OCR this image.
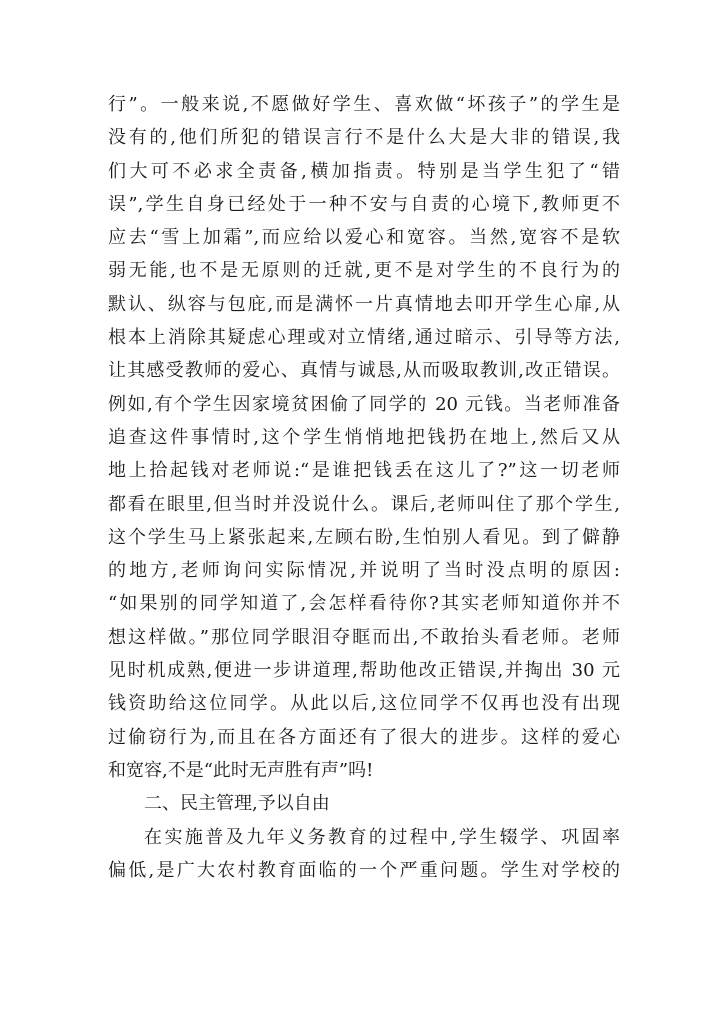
行”。一般来说,不愿做好学生、喜欢做“坏孩子”的学生是
没有的,他们所犯的错误言行不是什么大是大非的错误,我
们大可不必求全责备,横加指责。特别是当学生犯了“错
误”,学生自身已经处于一种不安与自责的心境下,教师更不
应去“雪上加霜”,而应给以爱心和宽容。当然,宽容不是软
弱无能,也不是无原则的迁就,更不是对学生的不良行为的
默认、纵容与包庇,而是满怀一片真情地去叩开学生心扉,从
根本上消除其疑虑心理或对立情绪,通过暗示、引导等方法,
让其感受教师的爱心、真情与诚恳,从而吸取教训,改正错误。
例如,有个学生因家境贫困偷了同学的 20 元钱。当老师准备
追查这件事情时,这个学生悄悄地把钱扔在地上,然后又从
地上拾起钱对老师说:“是谁把钱丢在这儿了?”这一切老师
都看在眼里,但当时并没说什么。课后,老师叫住了那个学生,
这个学生马上紧张起来,左顾右盼,生怕别人看见。到了僻静
的地方,老师询问实际情况,并说明了当时没点明的原因:
“如果别的同学知道了,会怎样看待你?其实老师知道你并不
想这样做。”那位同学眼泪夺眶而出,不敢抬头看老师。老师
见时机成熟,便进一步讲道理,帮助他改正错误,并掏出 30 元
钱资助给这位同学。从此以后,这位同学不仅再也没有出现
过偷窃行为,而且在各方面还有了很大的进步。这样的爱心
和宽容,不是“此时无声胜有声”吗!
二、民主管理,予以自由
在实施普及九年义务教育的过程中,学生辍学、巩固率
偏低,是广大农村教育面临的一个严重问题。学生对学校的
